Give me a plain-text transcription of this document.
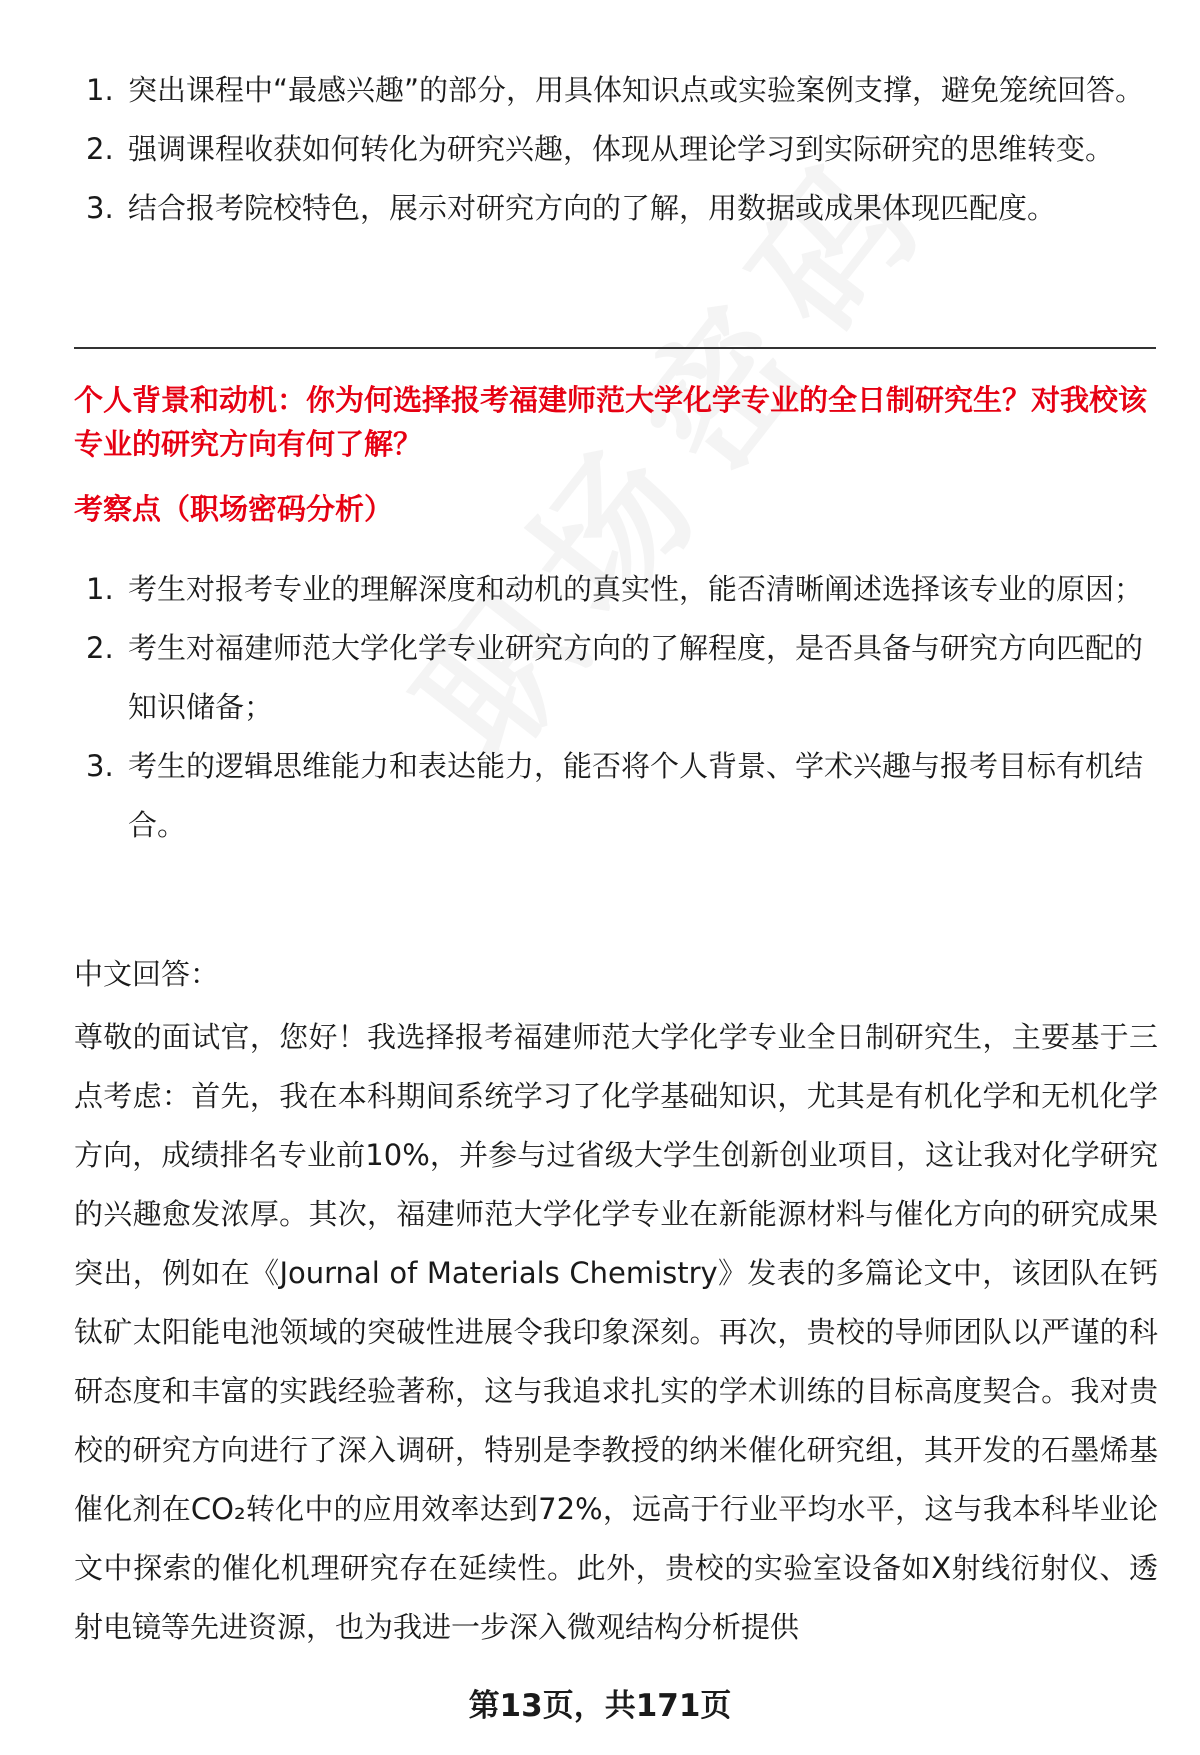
1. 突出课程中“最感兴趣”的部分，用具体知识点或实验案例支撑，避免笼统回答。
2. 强调课程收获如何转化为研究兴趣，体现从理论学习到实际研究的思维转变。
3. 结合报考院校特色，展示对研究方向的了解，用数据或成果体现匹配度。
个人背景和动机：你为何选择报考福建师范大学化学专业的全日制研究生？对我校该专业的研究方向有何了解？
考察点（职场密码分析）
1. 考生对报考专业的理解深度和动机的真实性，能否清晰阐述选择该专业的原因；
2. 考生对福建师范大学化学专业研究方向的了解程度，是否具备与研究方向匹配的知识储备；
3. 考生的逻辑思维能力和表达能力，能否将个人背景、学术兴趣与报考目标有机结合。
中文回答：
尊敬的面试官，您好！我选择报考福建师范大学化学专业全日制研究生，主要基于三点考虑：首先，我在本科期间系统学习了化学基础知识，尤其是有机化学和无机化学方向，成绩排名专业前10%，并参与过省级大学生创新创业项目，这让我对化学研究的兴趣愈发浓厚。其次，福建师范大学化学专业在新能源材料与催化方向的研究成果突出，例如在《Journal of Materials Chemistry》发表的多篇论文中，该团队在钙钛矿太阳能电池领域的突破性进展令我印象深刻。再次，贵校的导师团队以严谨的科研态度和丰富的实践经验著称，这与我追求扎实的学术训练的目标高度契合。我对贵校的研究方向进行了深入调研，特别是李教授的纳米催化研究组，其开发的石墨烯基催化剂在CO₂转化中的应用效率达到72%，远高于行业平均水平，这与我本科毕业论文中探索的催化机理研究存在延续性。此外，贵校的实验室设备如X射线衍射仪、透射电镜等先进资源，也为我进一步深入微观结构分析提供
第13页，共171页
